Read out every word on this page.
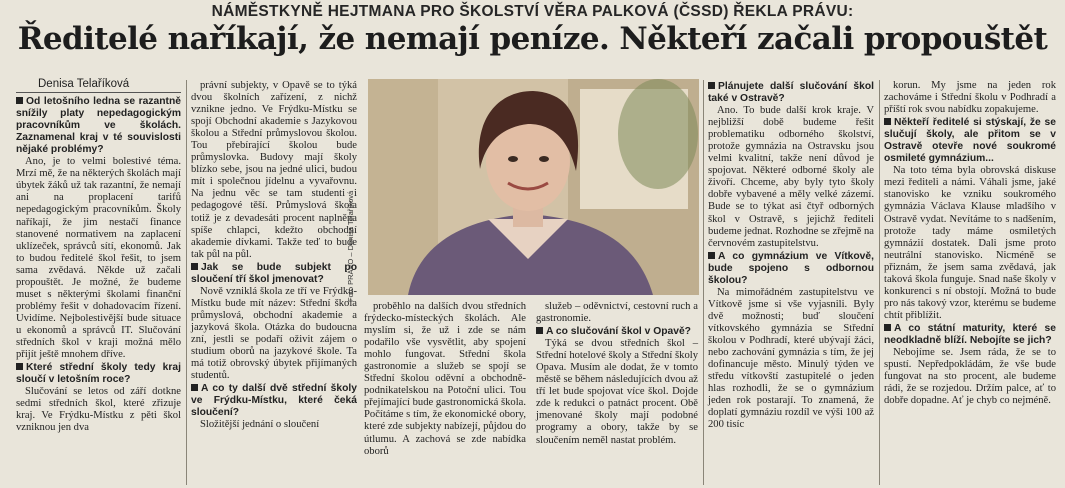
NÁMĚSTKYNĚ HEJTMANA PRO ŠKOLSTVÍ VĚRA PALKOVÁ (ČSSD) ŘEKLA PRÁVU:
Ředitelé naříkají, že nemají peníze. Někteří začali propouštět
Denisa Telaříková

Od letošního ledna se razantně snížily platy nepedagogickým pracovníkům ve školách. Zaznamenal kraj v té souvislosti nějaké problémy?

Ano, je to velmi bolestivé téma. Mrzí mě, že na některých školách mají úbytek žáků už tak razantní, že nemají ani na proplacení tarifů nepedagogickým pracovníkům. Školy naříkají, že jim nestačí finance stanovené normativem na zaplacení uklízeček, správců sítí, ekonomů. Jak to budou ředitelé škol řešit, to jsem sama zvědavá. Někde už začali propouštět. Je možné, že budeme muset s některými školami finanční problémy řešit v dohadovacím řízení. Uvidíme. Nejbolestivější bude situace u ekonomů a správců IT. Slučování středních škol v kraji možná mělo přijít ještě mnohem dříve.

Které střední školy tedy kraj sloučí v letošním roce?

Slučování se letos od září dotkne sedmi středních škol, které zřizuje kraj. Ve Frýdku-Místku z pěti škol vzniknou jen dva

právní subjekty, v Opavě se to týká dvou školních zařízení, z nichž vznikne jedno. Ve Frýdku-Místku se spojí Obchodní akademie s Jazykovou školou a Střední průmyslovou školou. Tou přebírající školou bude průmyslovka. Budovy mají školy blízko sebe, jsou na jedné ulici, budou mít i společnou jídelnu a vyvařovnu. Na jednu věc se tam studenti i pedagogové těší. Průmyslová škola totiž je z devadesáti procent naplněna spíše chlapci, kdežto obchodní akademie dívkami. Takže teď to bude tak půl na půl.

Jak se bude subjekt po sloučení tří škol jmenovat?

Nově vzniklá škola ze tří ve Frýdku-Místku bude mít název: Střední škola průmyslová, obchodní akademie a jazyková škola. Otázka do budoucna zní, jestli se podaří oživit zájem o studium oborů na jazykové škole. Ta má totiž obrovský úbytek přijímaných studentů.

A co ty další dvě střední školy ve Frýdku-Místku, které čeká sloučení?

Složitější jednání o sloučení

Foto PRÁVO – Denisa Telaříková

proběhlo na dalších dvou středních frýdecko-místeckých školách. Ale myslím si, že už i zde se nám podařilo vše vysvětlit, aby spojení mohlo fungovat. Střední škola gastronomie a služeb se spojí se Střední školou oděvní a obchodně-podnikatelskou na Potoční ulici. Tou přejímající bude gastronomická škola. Počítáme s tím, že ekonomické obory, které zde subjekty nabízejí, půjdou do útlumu. A zachová se zde nabídka oborů

služeb – oděvnictví, cestovní ruch a gastronomie.

A co slučování škol v Opavě?

Týká se dvou středních škol – Střední hotelové školy a Střední školy Opava. Musím ale dodat, že v tomto městě se během následujících dvou až tří let bude spojovat více škol. Dojde zde k redukci o patnáct procent. Obě jmenované školy mají podobné programy a obory, takže by se sloučením neměl nastat problém.

Plánujete další slučování škol také v Ostravě?

Ano. To bude další krok kraje. V nejbližší době budeme řešit problematiku odborného školství, protože gymnázia na Ostravsku jsou velmi kvalitní, takže není důvod je spojovat. Některé odborné školy ale živoří. Chceme, aby byly tyto školy dobře vybavené a měly velké zázemí. Bude se to týkat asi čtyř odborných škol v Ostravě, s jejichž řediteli budeme jednat. Rozhodne se zřejmě na červnovém zastupitelstvu.

A co gymnázium ve Vítkově, bude spojeno s odbornou školou?

Na mimořádném zastupitelstvu ve Vítkově jsme si vše vyjasnili. Byly dvě možnosti; buď sloučení vítkovského gymnázia se Střední školou v Podhradí, které ubývají žáci, nebo zachování gymnázia s tím, že jej dofinancuje město. Minulý týden ve středu vítkovští zastupitelé o jeden hlas rozhodli, že se o gymnázium jeden rok postarají. To znamená, že doplatí gymnáziu rozdíl ve výši 100 až 200 tisíc

korun. My jsme na jeden rok zachováme i Střední školu v Podhradí a příští rok svou nabídku zopakujeme.

Někteří ředitelé si stýskají, že se slučují školy, ale přitom se v Ostravě otevře nové soukromé osmileté gymnázium...

Na toto téma byla obrovská diskuse mezi řediteli a námi. Váhali jsme, jaké stanovisko ke vzniku soukromého gymnázia Václava Klause mladšího v Ostravě vydat. Nevítáme to s nadšením, protože tady máme osmiletých gymnázií dostatek. Dali jsme proto neutrální stanovisko. Nicméně se přiznám, že jsem sama zvědavá, jak taková škola funguje. Snad naše školy v konkurenci s ní obstojí. Možná to bude pro nás takový vzor, kterému se budeme chtít přiblížit.

A co státní maturity, které se neodkladně blíží. Nebojíte se jich?

Nebojíme se. Jsem ráda, že se to spustí. Nepředpokládám, že vše bude fungovat na sto procent, ale budeme rádi, že se rozjedou. Držím palce, ať to dobře dopadne. Ať je chyb co nejméně.
